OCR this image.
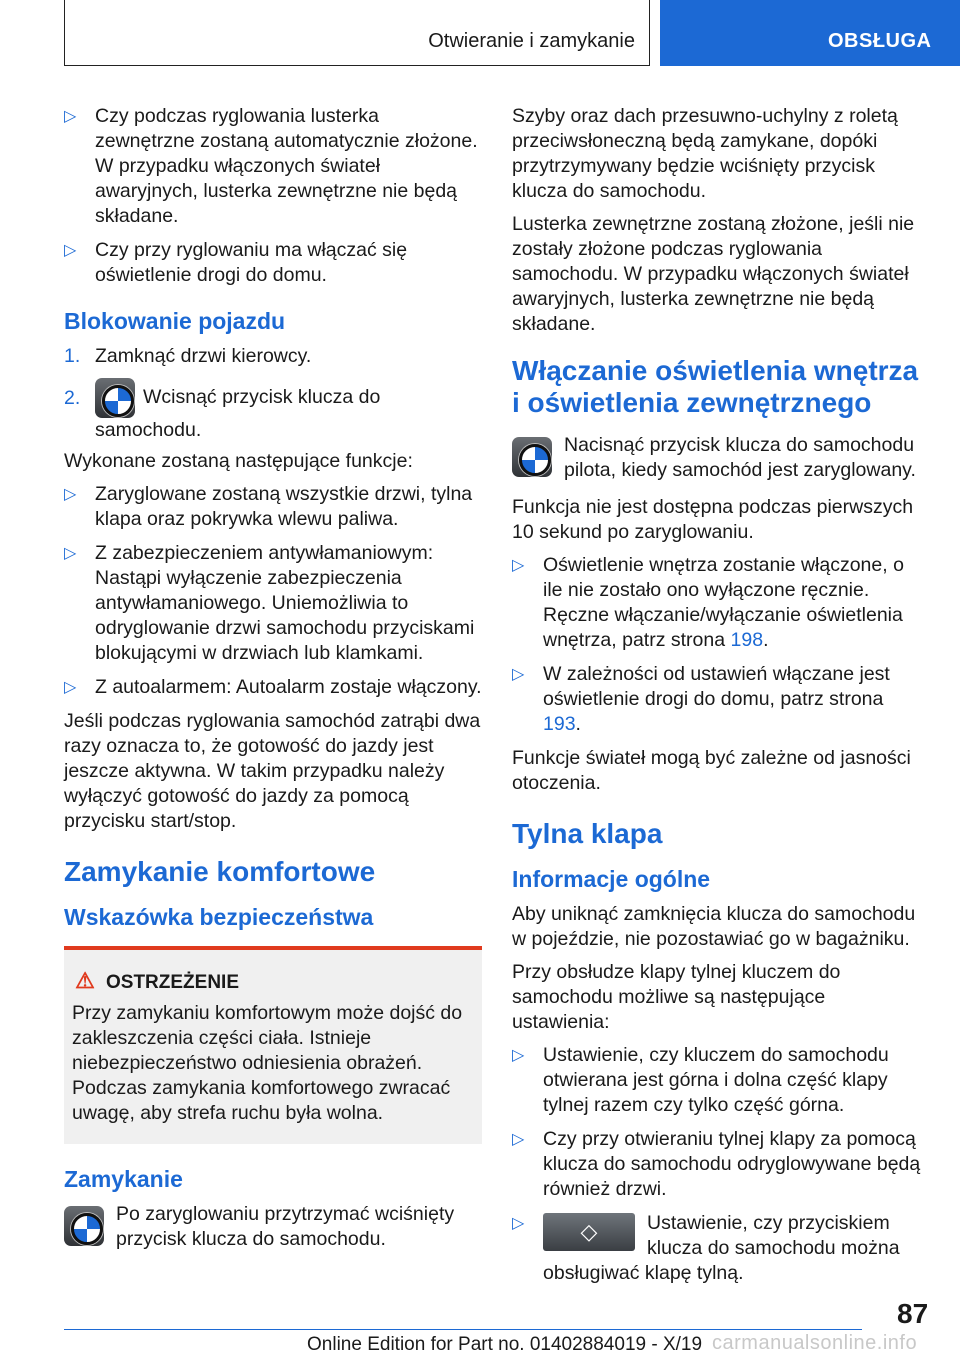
Otwieranie i zamykanie	OBSŁUGA
▷ Czy podczas ryglowania lusterka zewnętrzne zostaną automatycznie złożone. W przypadku włączonych świateł awaryjnych, lusterka zewnętrzne nie będą składane.
▷ Czy przy ryglowaniu ma włączać się oświetlenie drogi do domu.
Blokowanie pojazdu
1. Zamknąć drzwi kierowcy.
2.	Wcisnąć przycisk klucza do samochodu.
Wykonane zostaną następujące funkcje:
▷ Zaryglowane zostaną wszystkie drzwi, tylna klapa oraz pokrywka wlewu paliwa.
▷ Z zabezpieczeniem antywłamaniowym: Nastąpi wyłączenie zabezpieczenia antywłamaniowego. Uniemożliwia to odryglowanie drzwi samochodu przyciskami blokującymi w drzwiach lub klamkami.
▷ Z autoalarmem: Autoalarm zostaje włączony.
Jeśli podczas ryglowania samochód zatrąbi dwa razy oznacza to, że gotowość do jazdy jest jeszcze aktywna. W takim przypadku należy wyłączyć gotowość do jazdy za pomocą przycisku start/stop.
Zamykanie komfortowe
Wskazówka bezpieczeństwa
⚠ OSTRZEŻENIE
Przy zamykaniu komfortowym może dojść do zakleszczenia części ciała. Istnieje niebezpieczeństwo odniesienia obrażeń. Podczas zamykania komfortowego zwracać uwagę, aby strefa ruchu była wolna.
Zamykanie
Po zaryglowaniu przytrzymać wciśnięty przycisk klucza do samochodu.
Szyby oraz dach przesuwno-uchylny z roletą przeciwsłoneczną będą zamykane, dopóki przytrzymywany będzie wciśnięty przycisk klucza do samochodu.
Lusterka zewnętrzne zostaną złożone, jeśli nie zostały złożone podczas ryglowania samochodu. W przypadku włączonych świateł awaryjnych, lusterka zewnętrzne nie będą składane.
Włączanie oświetlenia wnętrza i oświetlenia zewnętrznego
Nacisnąć przycisk klucza do samochodu pilota, kiedy samochód jest zaryglowany.
Funkcja nie jest dostępna podczas pierwszych 10 sekund po zaryglowaniu.
▷ Oświetlenie wnętrza zostanie włączone, o ile nie zostało ono wyłączone ręcznie. Ręczne włączanie/wyłączanie oświetlenia wnętrza, patrz strona 198.
▷ W zależności od ustawień włączane jest oświetlenie drogi do domu, patrz strona 193.
Funkcje świateł mogą być zależne od jasności otoczenia.
Tylna klapa
Informacje ogólne
Aby uniknąć zamknięcia klucza do samochodu w pojeździe, nie pozostawiać go w bagażniku.
Przy obsłudze klapy tylnej kluczem do samochodu możliwe są następujące ustawienia:
▷ Ustawienie, czy kluczem do samochodu otwierana jest górna i dolna część klapy tylnej razem czy tylko część górna.
▷ Czy przy otwieraniu tylnej klapy za pomocą klucza do samochodu odryglowywane będą również drzwi.
▷
◇	Ustawienie, czy przyciskiem klucza do samochodu można obsługiwać klapę tylną.
87
Online Edition for Part no. 01402884019 - X/19 carmanualsonline.info
